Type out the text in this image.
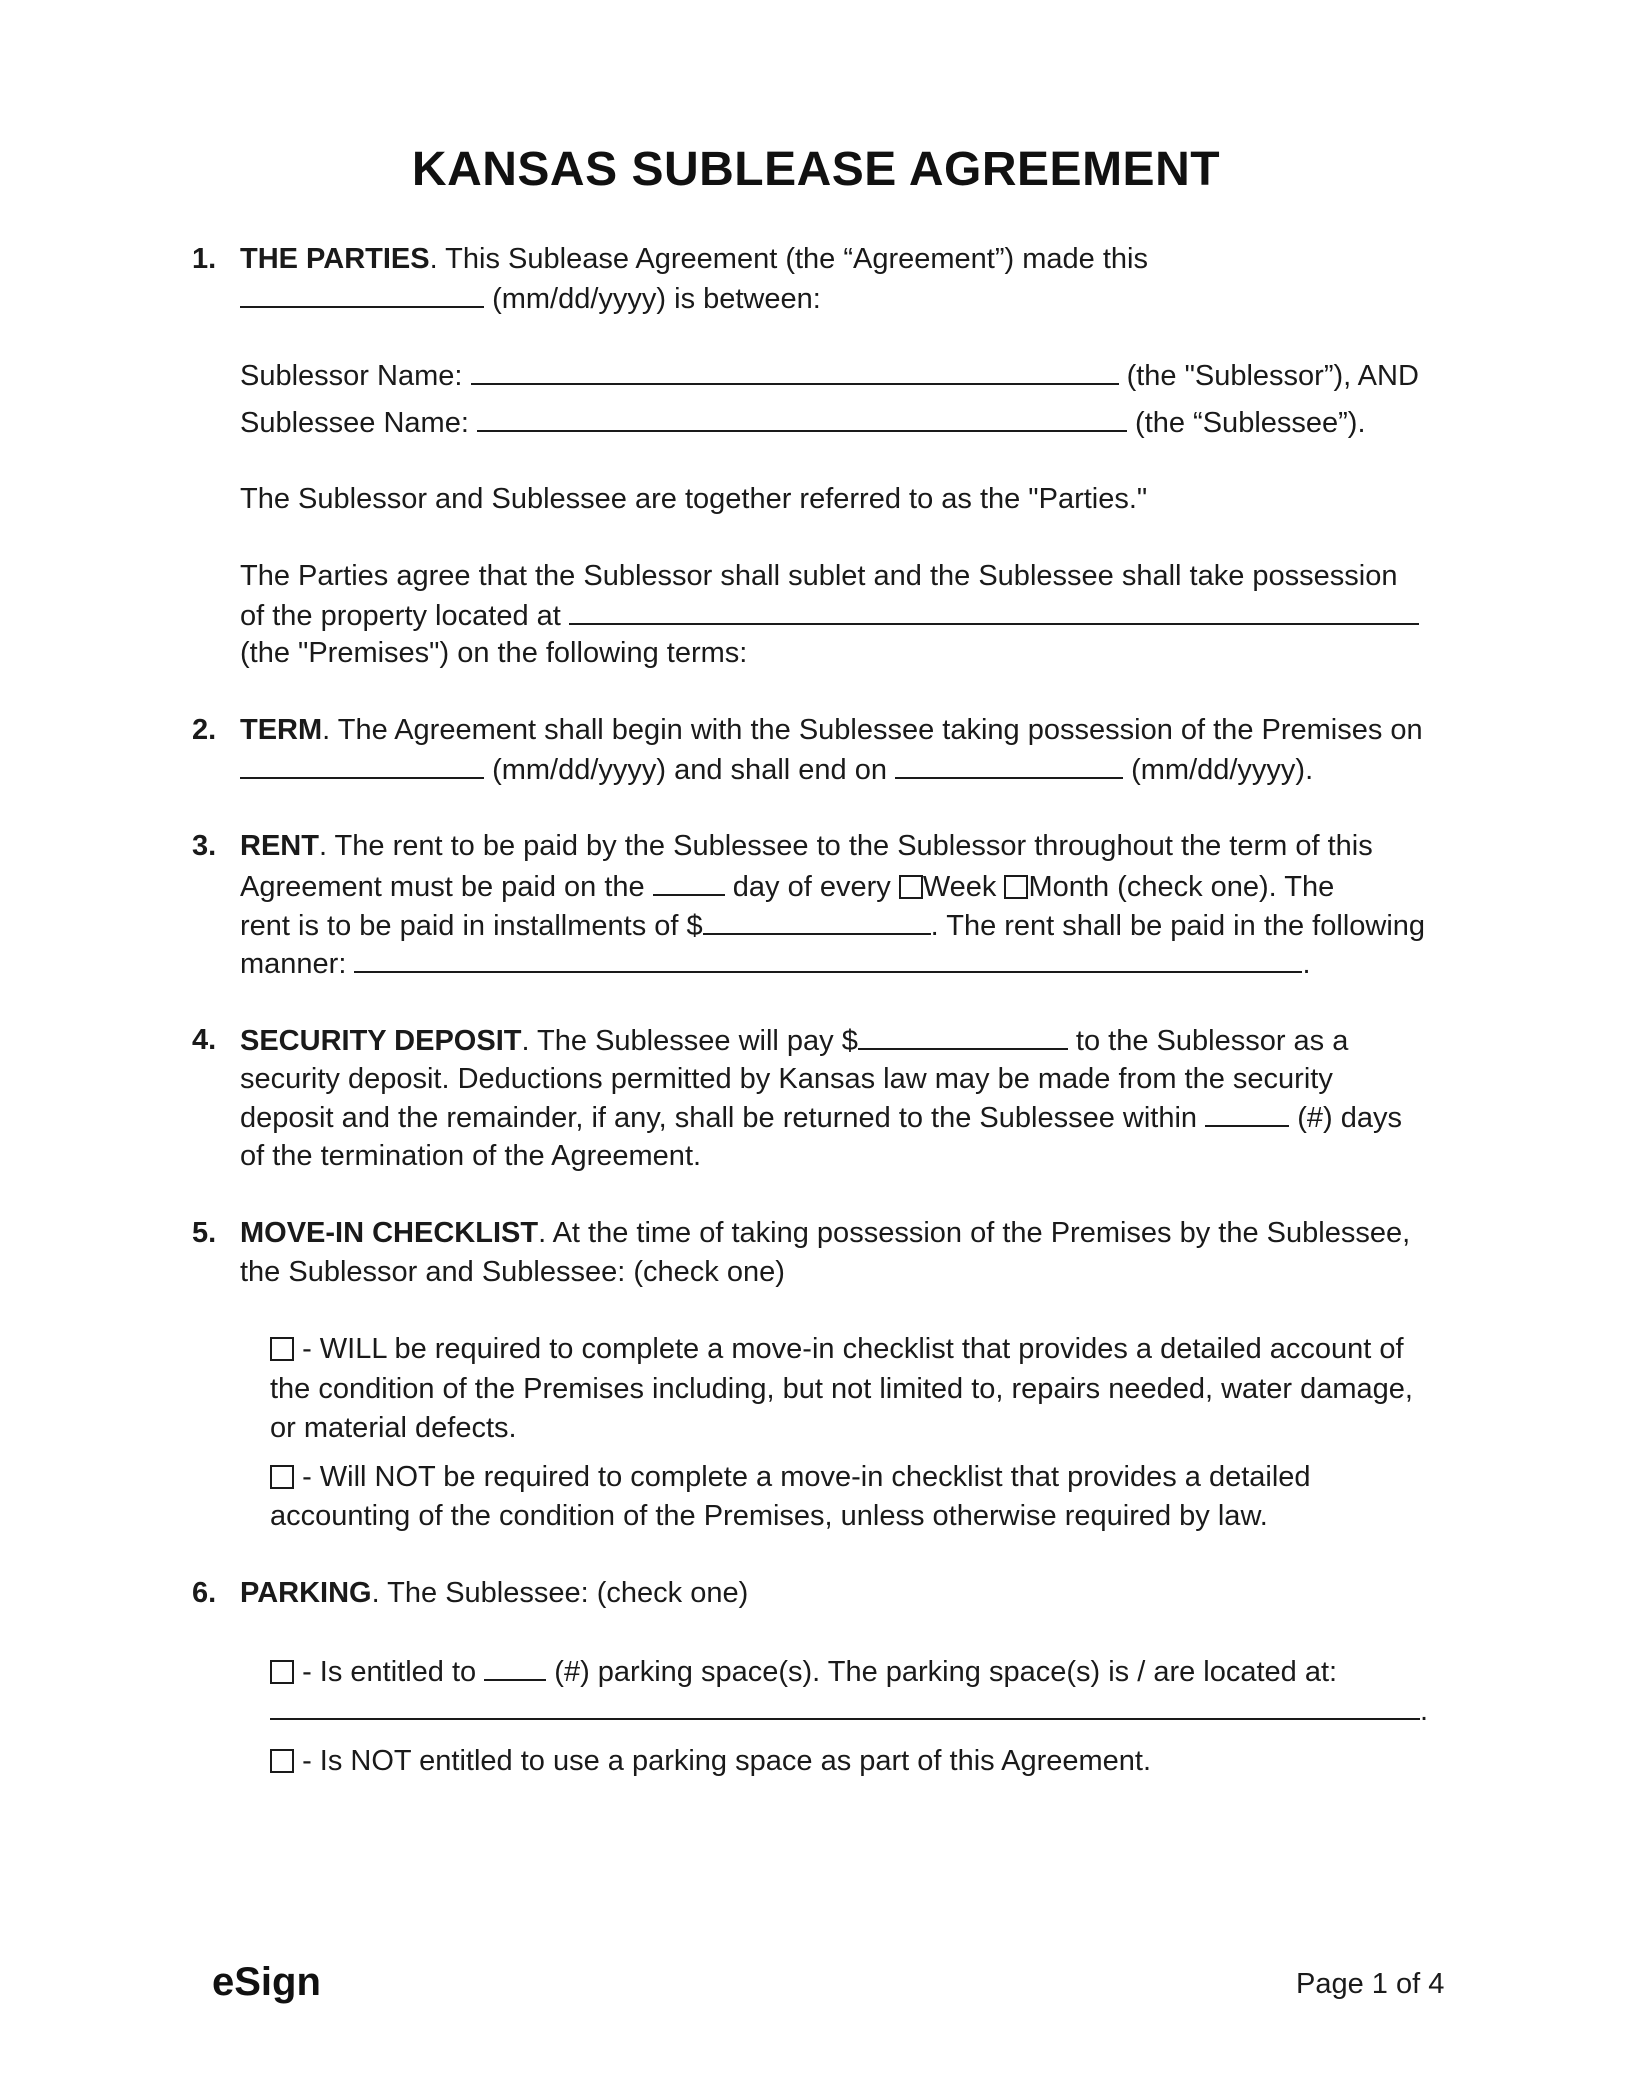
KANSAS SUBLEASE AGREEMENT
1. THE PARTIES. This Sublease Agreement (the “Agreement”) made this
(mm/dd/yyyy) is between:
Sublessor Name:	(the "Sublessor”), AND
Sublessee Name:	(the “Sublessee”).
The Sublessor and Sublessee are together referred to as the "Parties."
The Parties agree that the Sublessor shall sublet and the Sublessee shall take possession
of the property located at
(the "Premises") on the following terms:
2. TERM. The Agreement shall begin with the Sublessee taking possession of the Premises on
(mm/dd/yyyy) and shall end on	(mm/dd/yyyy).
3. RENT. The rent to be paid by the Sublessee to the Sublessor throughout the term of this
Agreement must be paid on the	day of every Week Month (check one). The
rent is to be paid in installments of $	. The rent shall be paid in the following
manner:	.
4. SECURITY DEPOSIT. The Sublessee will pay $	to the Sublessor as a
security deposit. Deductions permitted by Kansas law may be made from the security
deposit and the remainder, if any, shall be returned to the Sublessee within	(#) days
of the termination of the Agreement.
5. MOVE-IN CHECKLIST. At the time of taking possession of the Premises by the Sublessee,
the Sublessor and Sublessee: (check one)
- WILL be required to complete a move-in checklist that provides a detailed account of
the condition of the Premises including, but not limited to, repairs needed, water damage,
or material defects.
- Will NOT be required to complete a move-in checklist that provides a detailed
accounting of the condition of the Premises, unless otherwise required by law.
6. PARKING. The Sublessee: (check one)
- Is entitled to	(#) parking space(s). The parking space(s) is / are located at:
.
- Is NOT entitled to use a parking space as part of this Agreement.
eSign	Page 1 of 4
